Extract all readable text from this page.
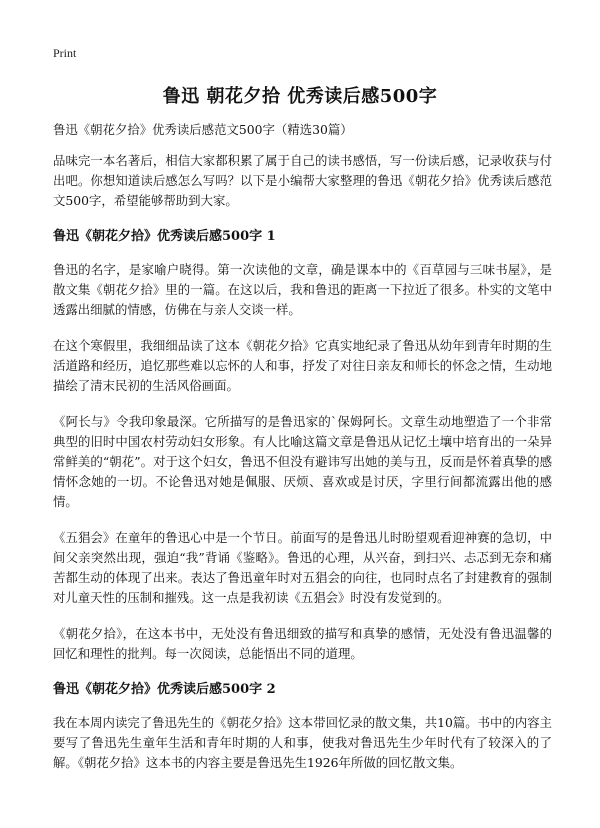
Print
鲁迅 朝花夕拾 优秀读后感500字

鲁迅《朝花夕拾》优秀读后感范文500字（精选30篇）

品味完一本名著后，相信大家都积累了属于自己的读书感悟，写一份读后感，记录收获与付出吧。你想知道读后感怎么写吗？以下是小编帮大家整理的鲁迅《朝花夕拾》优秀读后感范文500字，希望能够帮助到大家。

鲁迅《朝花夕拾》优秀读后感500字 1

鲁迅的名字，是家喻户晓得。第一次读他的文章，确是课本中的《百草园与三味书屋》，是散文集《朝花夕拾》里的一篇。在这以后，我和鲁迅的距离一下拉近了很多。朴实的文笔中透露出细腻的情感，仿佛在与亲人交谈一样。

在这个寒假里，我细细品读了这本《朝花夕拾》它真实地纪录了鲁迅从幼年到青年时期的生活道路和经历，追忆那些难以忘怀的人和事，抒发了对往日亲友和师长的怀念之情，生动地描绘了清末民初的生活风俗画面。

《阿长与》令我印象最深。它所描写的是鲁迅家的`保姆阿长。文章生动地塑造了一个非常典型的旧时中国农村劳动妇女形象。有人比喻这篇文章是鲁迅从记忆土壤中培育出的一朵异常鲜美的“朝花”。对于这个妇女，鲁迅不但没有避讳写出她的美与丑，反而是怀着真挚的感情怀念她的一切。不论鲁迅对她是佩服、厌烦、喜欢或是讨厌，字里行间都流露出他的感情。

《五猖会》在童年的鲁迅心中是一个节日。前面写的是鲁迅儿时盼望观看迎神赛的急切，中间父亲突然出现，强迫“我”背诵《鉴略》。鲁迅的心理，从兴奋，到扫兴、忐忑到无奈和痛苦都生动的体现了出来。表达了鲁迅童年时对五猖会的向往，也同时点名了封建教育的强制对儿童天性的压制和摧残。这一点是我初读《五猖会》时没有发觉到的。

《朝花夕拾》，在这本书中，无处没有鲁迅细致的描写和真挚的感情，无处没有鲁迅温馨的回忆和理性的批判。每一次阅读，总能悟出不同的道理。

鲁迅《朝花夕拾》优秀读后感500字 2

我在本周内读完了鲁迅先生的《朝花夕拾》这本带回忆录的散文集，共10篇。书中的内容主要写了鲁迅先生童年生活和青年时期的人和事，使我对鲁迅先生少年时代有了较深入的了解。《朝花夕拾》这本书的内容主要是鲁迅先生1926年所做的回忆散文集。
